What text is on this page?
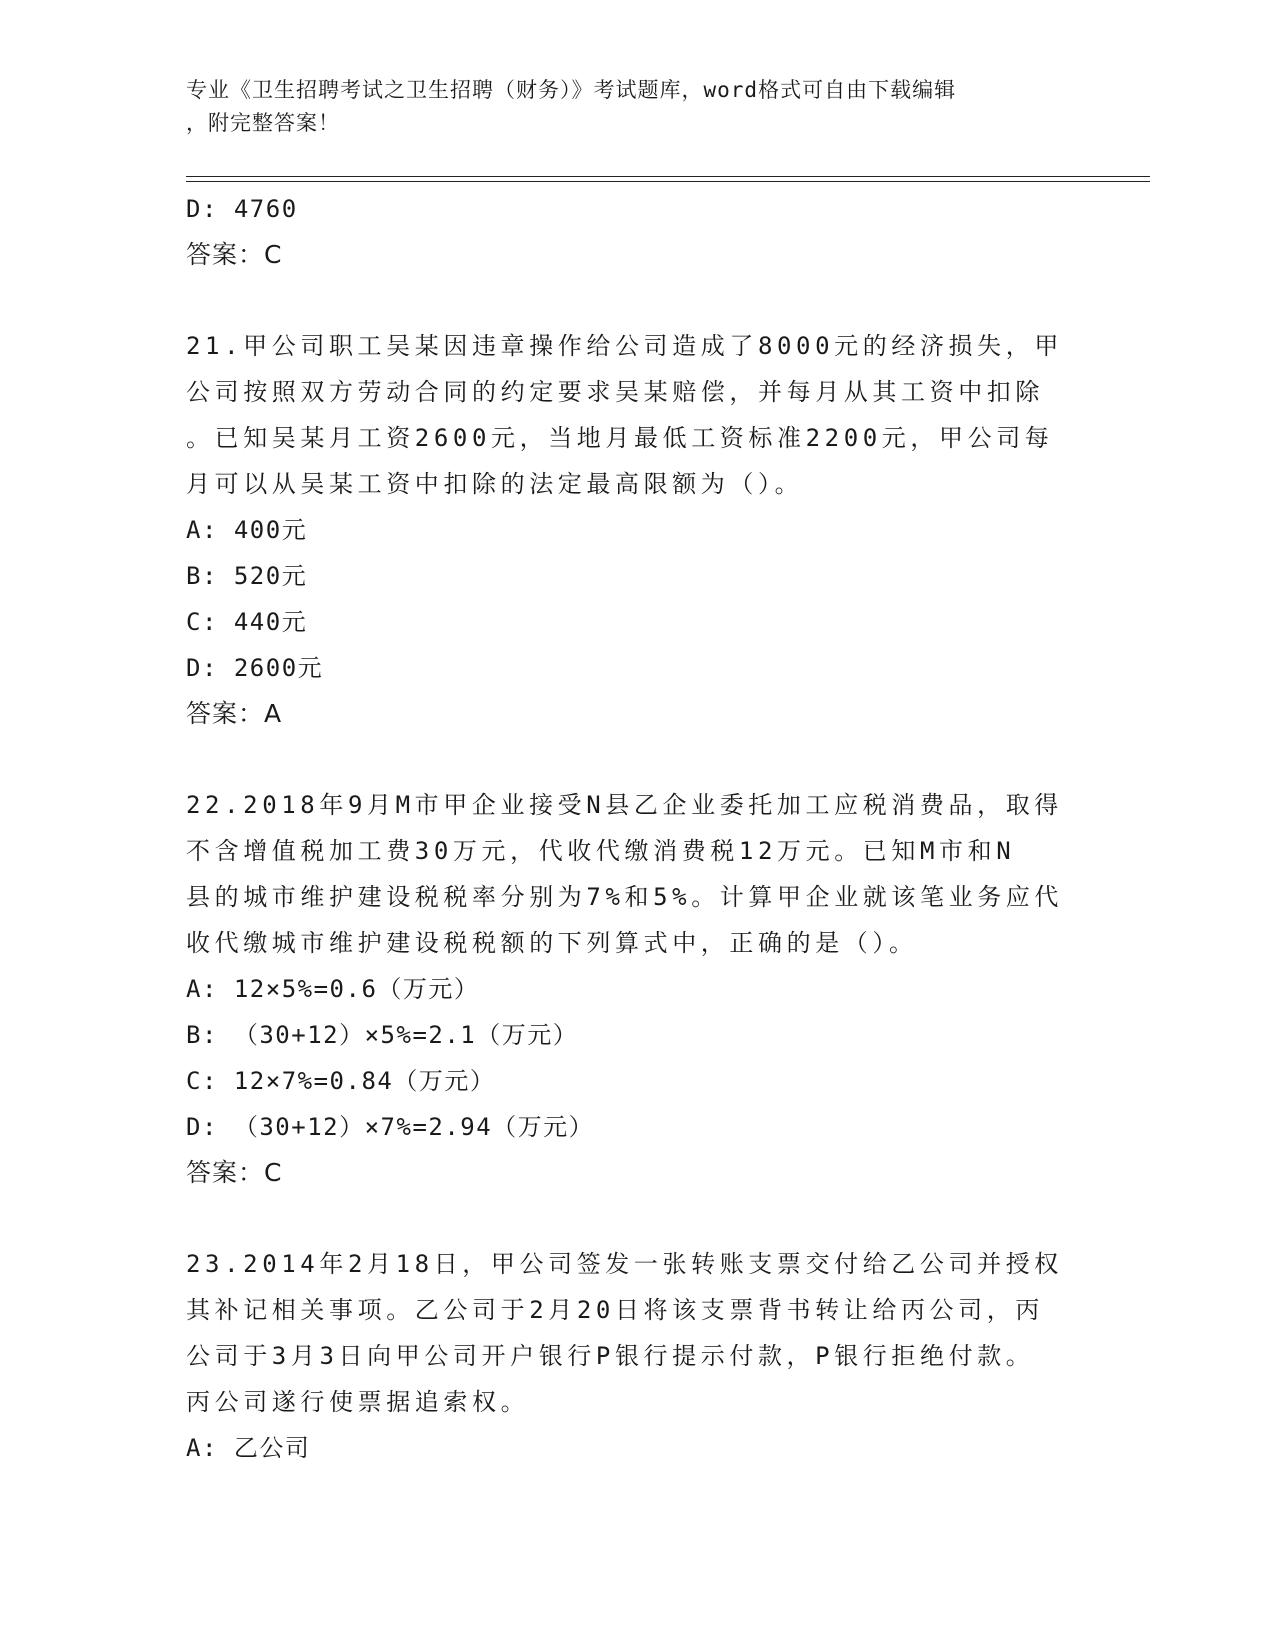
专业《卫生招聘考试之卫生招聘（财务）》考试题库，word格式可自由下载编辑
，附完整答案！
D: 4760
答案：C
21.甲公司职工吴某因违章操作给公司造成了8000元的经济损失，甲
公司按照双方劳动合同的约定要求吴某赔偿，并每月从其工资中扣除
。已知吴某月工资2600元，当地月最低工资标准2200元，甲公司每
月可以从吴某工资中扣除的法定最高限额为（）。
A: 400元
B: 520元
C: 440元
D: 2600元
答案：A
22.2018年9月M市甲企业接受N县乙企业委托加工应税消费品，取得
不含增值税加工费30万元，代收代缴消费税12万元。已知M市和N
县的城市维护建设税税率分别为7%和5%。计算甲企业就该笔业务应代
收代缴城市维护建设税税额的下列算式中，正确的是（）。
A: 12×5%=0.6（万元）
B: （30+12）×5%=2.1（万元）
C: 12×7%=0.84（万元）
D: （30+12）×7%=2.94（万元）
答案：C
23.2014年2月18日，甲公司签发一张转账支票交付给乙公司并授权
其补记相关事项。乙公司于2月20日将该支票背书转让给丙公司，丙
公司于3月3日向甲公司开户银行P银行提示付款，P银行拒绝付款。
丙公司遂行使票据追索权。
A: 乙公司
